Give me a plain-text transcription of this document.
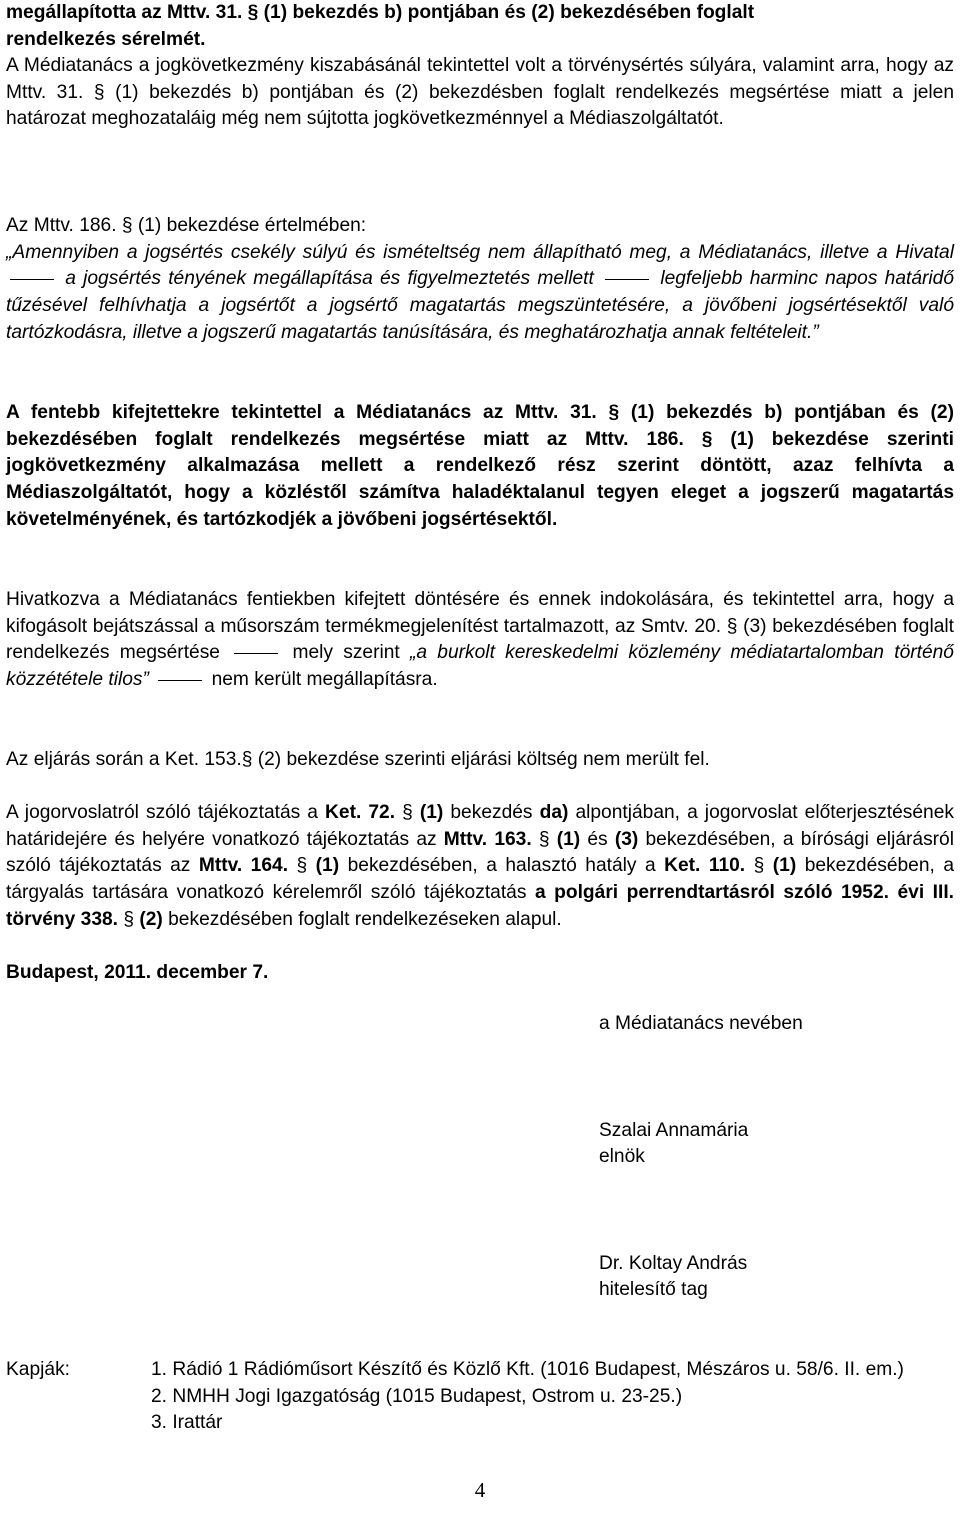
megállapította az Mttv. 31. § (1) bekezdés b) pontjában és (2) bekezdésében foglalt
rendelkezés sérelmét.

A Médiatanács a jogkövetkezmény kiszabásánál tekintettel volt a törvénysértés súlyára, valamint arra, hogy az Mttv. 31. § (1) bekezdés b) pontjában és (2) bekezdésben foglalt rendelkezés megsértése miatt a jelen határozat meghozataláig még nem sújtotta jogkövetkezménnyel a Médiaszolgáltatót.

Az Mttv. 186. § (1) bekezdése értelmében:
„Amennyiben a jogsértés csekély súlyú és ismételtség nem állapítható meg, a Médiatanács, illetve a Hivatal  a jogsértés tényének megállapítása és figyelmeztetés mellett	legfeljebb harminc napos határidő tűzésével felhívhatja a jogsértőt a jogsértő magatartás megszüntetésére, a jövőbeni jogsértésektől való tartózkodásra, illetve a jogszerű magatartás tanúsítására, és meghatározhatja annak feltételeit.”

A fentebb kifejtettekre tekintettel a Médiatanács az Mttv. 31. § (1) bekezdés b) pontjában és (2) bekezdésében foglalt rendelkezés megsértése miatt az Mttv. 186. § (1) bekezdése szerinti jogkövetkezmény alkalmazása mellett a rendelkező rész szerint döntött, azaz felhívta a Médiaszolgáltatót, hogy a közléstől számítva haladéktalanul tegyen eleget a jogszerű magatartás követelményének, és tartózkodjék a jövőbeni jogsértésektől.

Hivatkozva a Médiatanács fentiekben kifejtett döntésére és ennek indokolására, és tekintettel arra, hogy a kifogásolt bejátszással a műsorszám termékmegjelenítést tartalmazott, az Smtv. 20. § (3) bekezdésében foglalt rendelkezés megsértése	mely szerint „a burkolt kereskedelmi közlemény médiatartalomban történő közzététele tilos”	nem került megállapításra.

Az eljárás során a Ket. 153.§ (2) bekezdése szerinti eljárási költség nem merült fel.

A jogorvoslatról szóló tájékoztatás a Ket. 72. § (1) bekezdés da) alpontjában, a jogorvoslat előterjesztésének határidejére és helyére vonatkozó tájékoztatás az Mttv. 163. § (1) és (3) bekezdésében, a bírósági eljárásról szóló tájékoztatás az Mttv. 164. § (1) bekezdésében, a halasztó hatály a Ket. 110. § (1) bekezdésében, a tárgyalás tartására vonatkozó kérelemről szóló tájékoztatás a polgári perrendtartásról szóló 1952. évi III. törvény 338. § (2) bekezdésében foglalt rendelkezéseken alapul.

Budapest, 2011. december 7.
a Médiatanács nevében
Szalai Annamária
elnök
Dr. Koltay András
hitelesítő tag
Kapják:	1. Rádió 1 Rádióműsort Készítő és Közlő Kft. (1016 Budapest, Mészáros u. 58/6. II. em.)
2. NMHH Jogi Igazgatóság (1015 Budapest, Ostrom u. 23-25.)
3. Irattár
4
